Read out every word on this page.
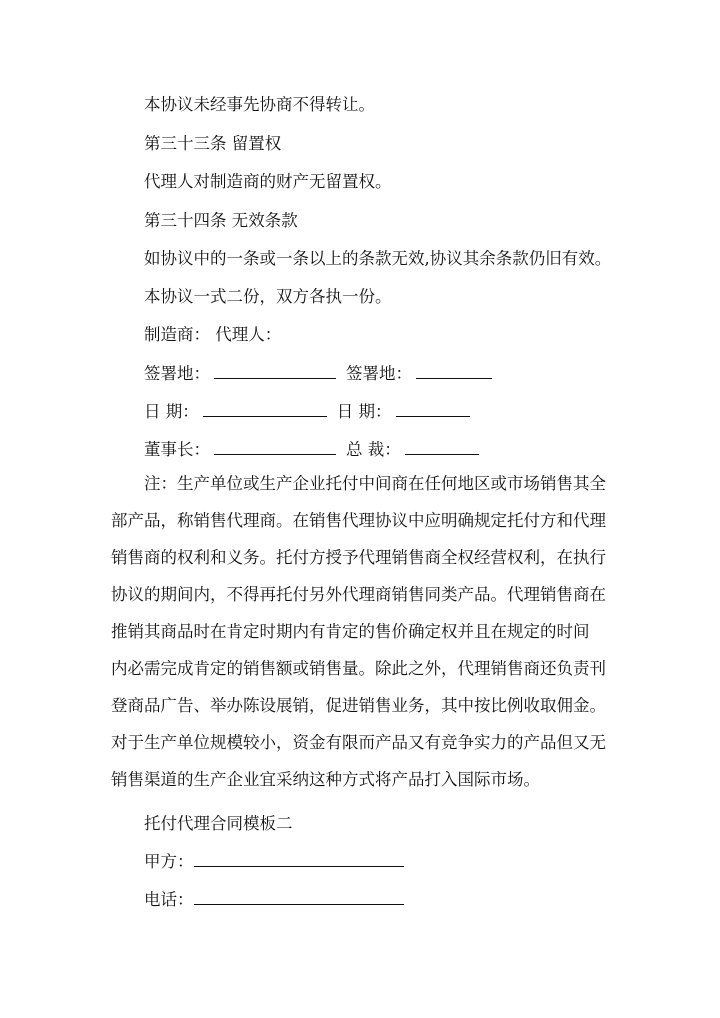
本协议未经事先协商不得转让。
第三十三条 留置权
代理人对制造商的财产无留置权。
第三十四条 无效条款
如协议中的一条或一条以上的条款无效,协议其余条款仍旧有效。
本协议一式二份，双方各执一份。
制造商： 代理人：
签署地：	签署地：
日 期：	日 期：
董事长：	总 裁：
注：生产单位或生产企业托付中间商在任何地区或市场销售其全
部产品，称销售代理商。在销售代理协议中应明确规定托付方和代理
销售商的权利和义务。托付方授予代理销售商全权经营权利，在执行
协议的期间内，不得再托付另外代理商销售同类产品。代理销售商在
推销其商品时在肯定时期内有肯定的售价确定权并且在规定的时间
内必需完成肯定的销售额或销售量。除此之外，代理销售商还负责刊
登商品广告、举办陈设展销，促进销售业务，其中按比例收取佣金。
对于生产单位规模较小，资金有限而产品又有竞争实力的产品但又无
销售渠道的生产企业宜采纳这种方式将产品打入国际市场。
托付代理合同模板二
甲方：
电话：
